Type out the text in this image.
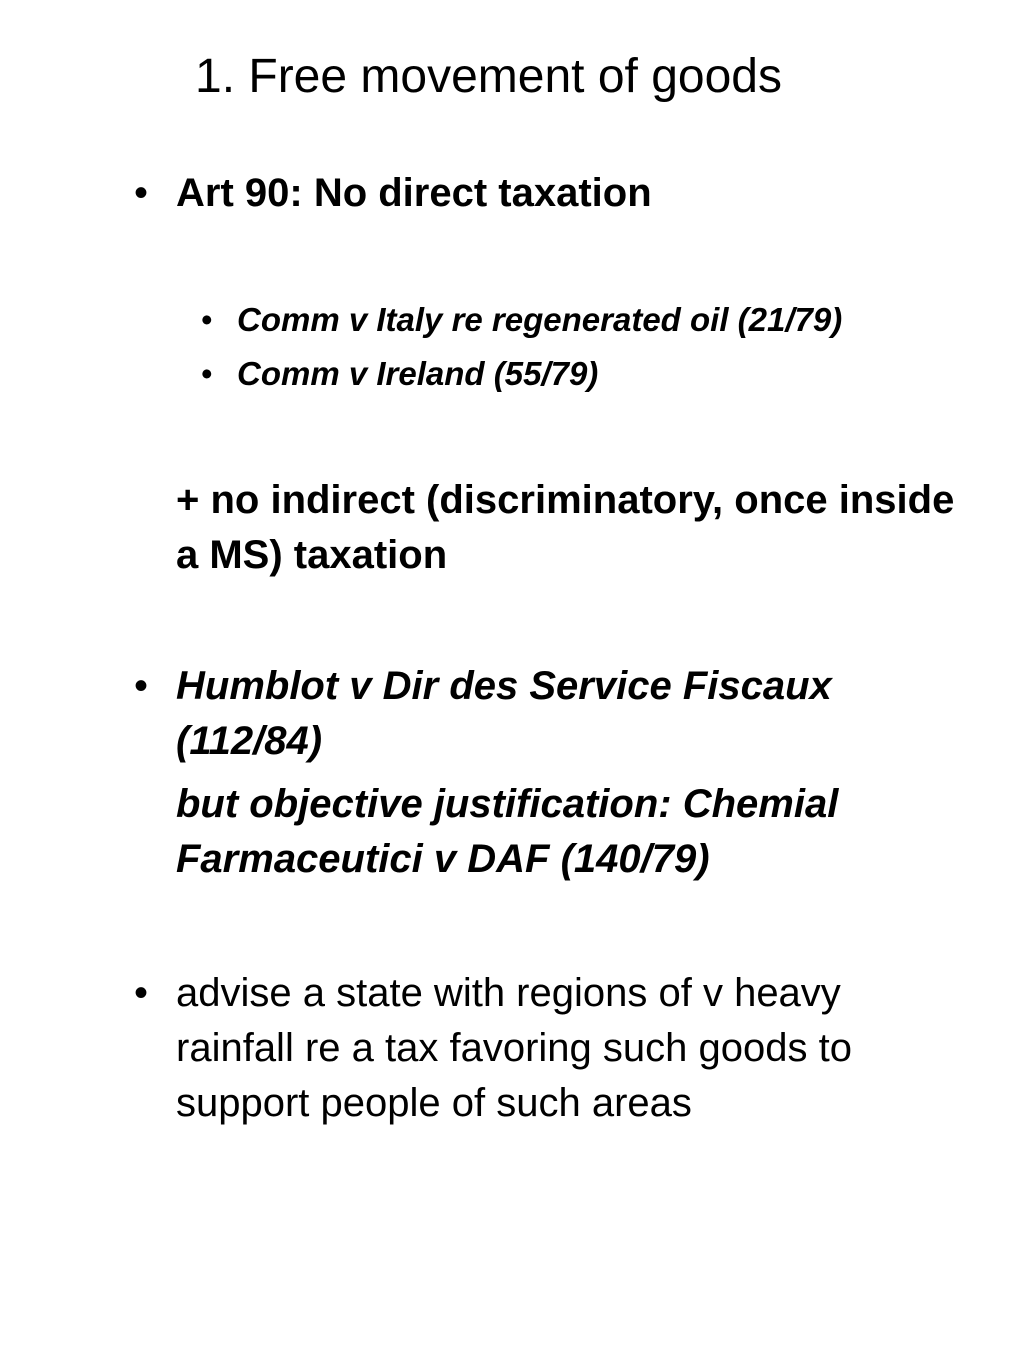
1. Free movement of goods
• Art 90: No direct taxation
• Comm v Italy re regenerated oil (21/79)
• Comm v Ireland (55/79)
+ no indirect (discriminatory, once inside a MS) taxation
• Humblot v Dir des Service Fiscaux (112/84)
but objective justification: Chemial Farmaceutici v DAF (140/79)
• advise a state with regions of v heavy rainfall re a tax favoring such goods to support people of such areas
